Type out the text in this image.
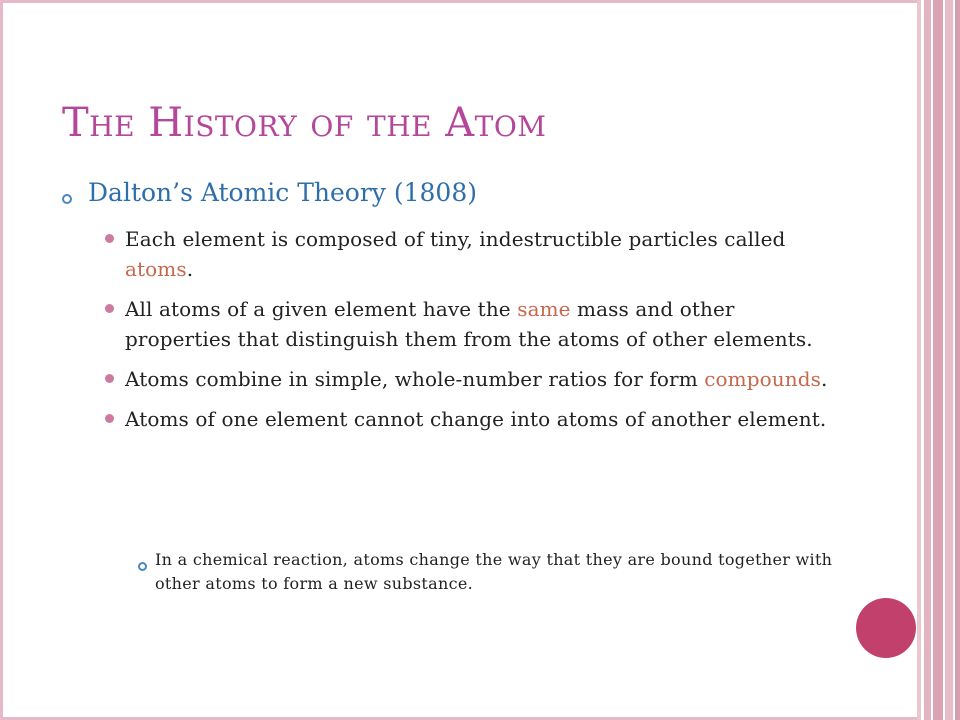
The History of the Atom

Dalton’s Atomic Theory (1808)

Each element is composed of tiny, indestructible particles called atoms.
All atoms of a given element have the same mass and other properties that distinguish them from the atoms of other elements.
Atoms combine in simple, whole-number ratios for form compounds.
Atoms of one element cannot change into atoms of another element.

In a chemical reaction, atoms change the way that they are bound together with other atoms to form a new substance.
